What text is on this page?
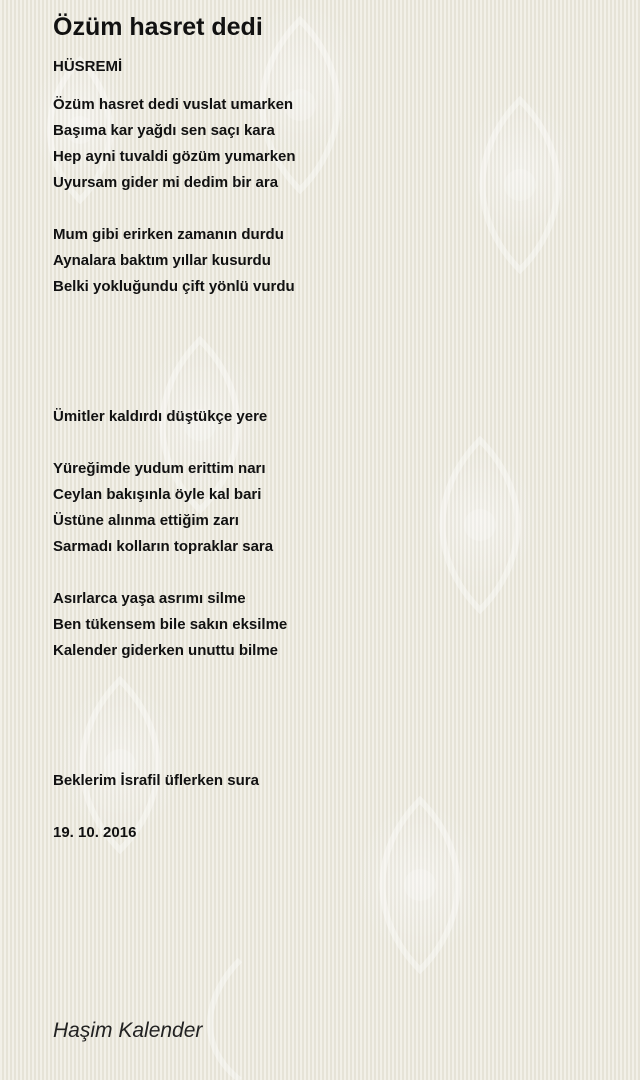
Özüm hasret dedi
HÜSREMİ
Özüm hasret dedi vuslat umarken
Başıma kar yağdı sen saçı kara
Hep ayni tuvaldi gözüm yumarken
Uyursam gider mi dedim bir ara
Mum gibi erirken zamanın durdu
Aynalara baktım yıllar kusurdu
Belki yokluğundu çift yönlü vurdu
Ümitler kaldırdı düştükçe yere
Yüreğimde yudum erittim narı
Ceylan bakışınla öyle kal bari
Üstüne alınma ettiğim zarı
Sarmadı kolların topraklar sara
Asırlarca yaşa asrımı silme
Ben tükensem bile sakın eksilme
Kalender giderken unuttu bilme
Beklerim İsrafil üflerken sura
19. 10. 2016
Haşim Kalender
